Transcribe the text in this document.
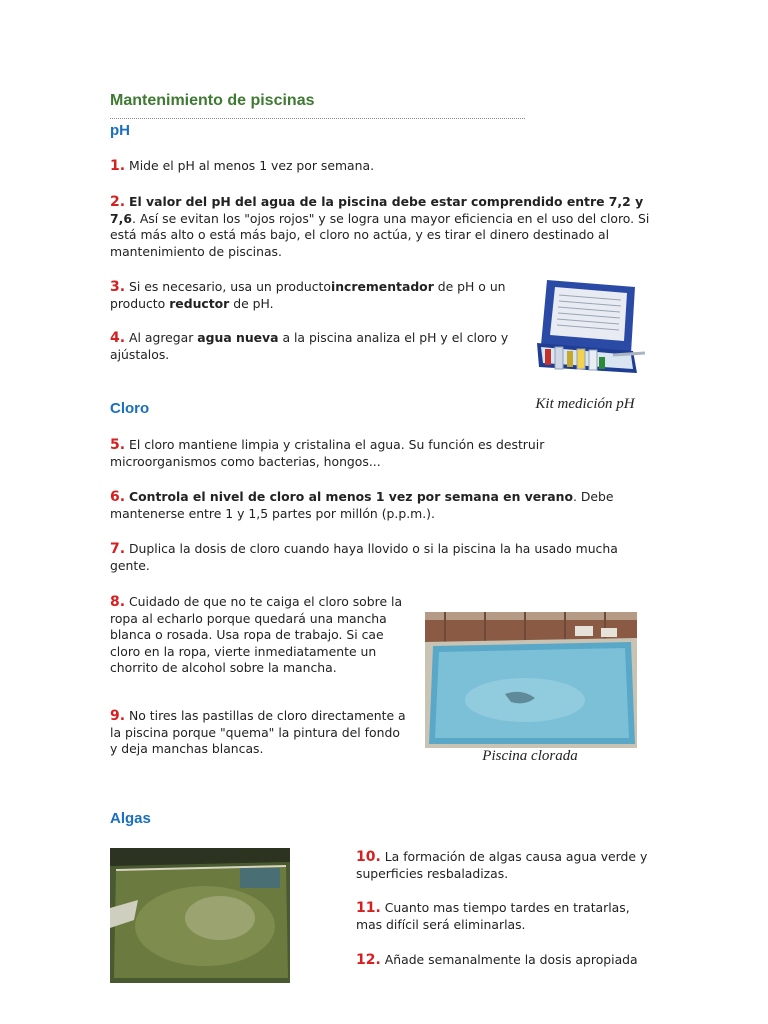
Mantenimiento de piscinas
pH
1. Mide el pH al menos 1 vez por semana.
2. El valor del pH del agua de la piscina debe estar comprendido entre 7,2 y 7,6. Así se evitan los "ojos rojos" y se logra una mayor eficiencia en el uso del cloro. Si está más alto o está más bajo, el cloro no actúa, y es tirar el dinero destinado al mantenimiento de piscinas.
3. Si es necesario, usa un productoincrementador de pH o un producto reductor de pH.
4. Al agregar agua nueva a la piscina analiza el pH y el cloro y ajústalos.
Kit medición pH
Cloro
5. El cloro mantiene limpia y cristalina el agua. Su función es destruir microorganismos como bacterias, hongos...
6. Controla el nivel de cloro al menos 1 vez por semana en verano. Debe mantenerse entre 1 y 1,5 partes por millón (p.p.m.).
7. Duplica la dosis de cloro cuando haya llovido o si la piscina la ha usado mucha gente.
8. Cuidado de que no te caiga el cloro sobre la ropa al echarlo porque quedará una mancha blanca o rosada. Usa ropa de trabajo. Si cae cloro en la ropa, vierte inmediatamente un chorrito de alcohol sobre la mancha.
9. No tires las pastillas de cloro directamente a la piscina porque "quema" la pintura del fondo y deja manchas blancas.	Piscina clorada
Algas
10. La formación de algas causa agua verde y superficies resbaladizas.
11. Cuanto mas tiempo tardes en tratarlas, mas difícil será eliminarlas.
12. Añade semanalmente la dosis apropiada
